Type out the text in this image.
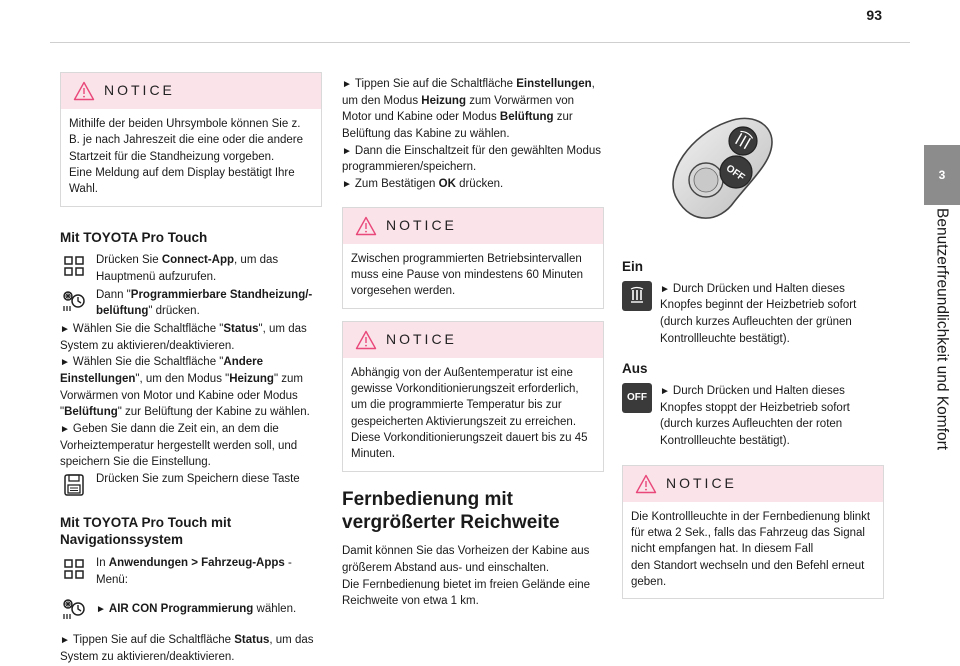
93
3
Benutzerfreundlichkeit und Komfort
NOTICE

Mithilfe der beiden Uhrsymbole können Sie z. B. je nach Jahreszeit die eine oder die andere Startzeit für die Standheizung vorgeben.

Eine Meldung auf dem Display bestätigt Ihre Wahl.

Mit TOYOTA Pro Touch
Drücken Sie Connect-App, um das Hauptmenü aufzurufen.
Dann "Programmierbare Standheizung/-belüftung" drücken.

► Wählen Sie die Schaltfläche "Status", um das System zu aktivieren/deaktivieren.

► Wählen Sie die Schaltfläche "Andere Einstellungen", um den Modus "Heizung" zum Vorwärmen von Motor und Kabine oder Modus "Belüftung" zur Belüftung der Kabine zu wählen.

► Geben Sie dann die Zeit ein, an dem die Vorheiztemperatur hergestellt werden soll, und speichern Sie die Einstellung.

Drücken Sie zum Speichern diese Taste
Mit TOYOTA Pro Touch mit Navigationssystem
In Anwendungen > Fahrzeug-Apps -Menü:
► AIR CON Programmierung wählen.

► Tippen Sie auf die Schaltfläche Status, um das System zu aktivieren/deaktivieren.

► Tippen Sie auf die Schaltfläche Einstellungen, um den Modus Heizung zum Vorwärmen von Motor und Kabine oder Modus Belüftung zur Belüftung das Kabine zu wählen.

► Dann die Einschaltzeit für den gewählten Modus programmieren/speichern.

► Zum Bestätigen OK drücken.

NOTICE

Zwischen programmierten Betriebsintervallen muss eine Pause von mindestens 60 Minuten vorgesehen werden.

NOTICE

Abhängig von der Außentemperatur ist eine gewisse Vorkonditionierungszeit erforderlich, um die programmierte Temperatur bis zur gespeicherten Aktivierungszeit zu erreichen.

Diese Vorkonditionierungszeit dauert bis zu 45 Minuten.

Fernbedienung mit vergrößerter Reichweite

Damit können Sie das Vorheizen der Kabine aus größerem Abstand aus- und einschalten.

Die Fernbedienung bietet im freien Gelände eine Reichweite von etwa 1 km.

OFF
Ein
► Durch Drücken und Halten dieses Knopfes beginnt der Heizbetrieb sofort (durch kurzes Aufleuchten der grünen Kontrollleuchte bestätigt).
Aus
OFF
► Durch Drücken und Halten dieses Knopfes stoppt der Heizbetrieb sofort (durch kurzes Aufleuchten der roten Kontrollleuchte bestätigt).
NOTICE

Die Kontrollleuchte in der Fernbedienung blinkt für etwa 2 Sek., falls das Fahrzeug das Signal nicht empfangen hat. In diesem Fall

den Standort wechseln und den Befehl erneut geben.
